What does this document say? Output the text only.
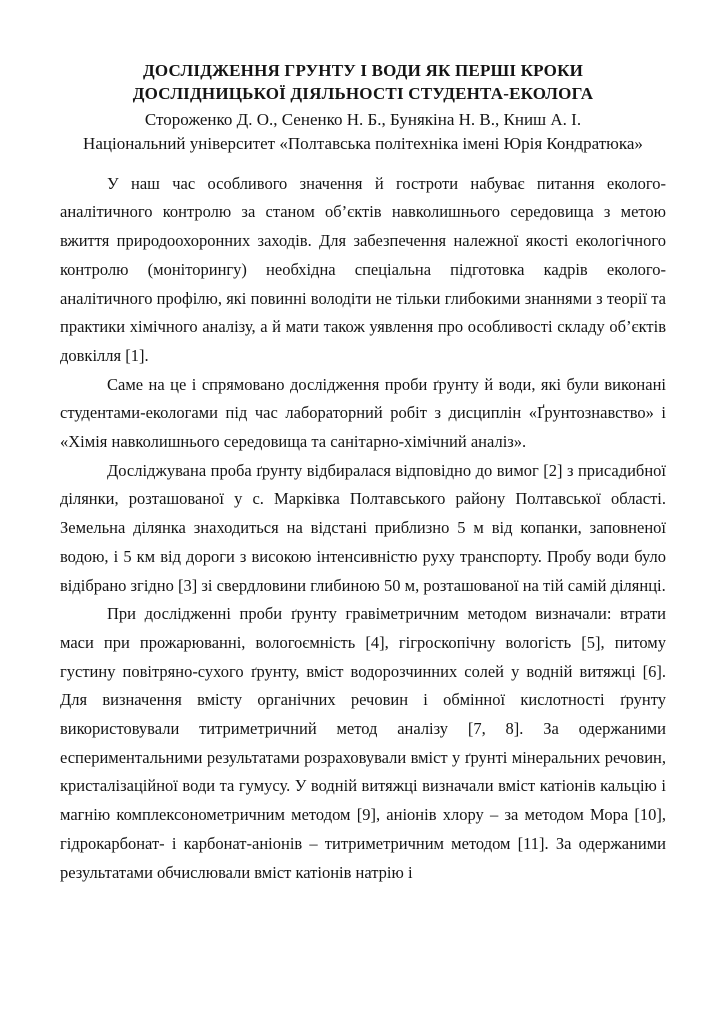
ДОСЛІДЖЕННЯ ГРУНТУ І ВОДИ ЯК ПЕРШІ КРОКИ
ДОСЛІДНИЦЬКОЇ ДІЯЛЬНОСТІ СТУДЕНТА-ЕКОЛОГА
Стороженко Д. О., Сененко Н. Б., Бунякіна Н. В., Книш А. І.
Національний університет «Полтавська політехніка імені Юрія Кондратюка»

У наш час особливого значення й гостроти набуває питання еколого-аналітичного контролю за станом об’єктів навколишнього середовища з метою вжиття природоохоронних заходів. Для забезпечення належної якості екологічного контролю (моніторингу) необхідна спеціальна підготовка кадрів еколого-аналітичного профілю, які повинні володіти не тільки глибокими знаннями з теорії та практики хімічного аналізу, а й мати також уявлення про особливості складу об’єктів довкілля [1].

Саме на це і спрямовано дослідження проби ґрунту й води, які були виконані студентами-екологами під час лабораторний робіт з дисциплін «Ґрунтознавство» і «Хімія навколишнього середовища та санітарно-хімічний аналіз».

Досліджувана проба ґрунту відбиралася відповідно до вимог [2] з присадибної ділянки, розташованої у с. Марківка Полтавського району Полтавської області. Земельна ділянка знаходиться на відстані приблизно 5 м від копанки, заповненої водою, і 5 км від дороги з високою інтенсивністю руху транспорту. Пробу води було відібрано згідно [3] зі свердловини глибиною 50 м, розташованої на тій самій ділянці.

При дослідженні проби ґрунту гравіметричним методом визначали: втрати маси при прожарюванні, вологоємність [4], гігроскопічну вологість [5], питому густину повітряно-сухого ґрунту, вміст водорозчинних солей у водній витяжці [6]. Для визначення вмісту органічних речовин і обмінної кислотності ґрунту використовували титриметричний метод аналізу [7, 8]. За одержаними еспериментальними результатами розраховували вміст у ґрунті мінеральних речовин, кристалізаційної води та гумусу. У водній витяжці визначали вміст катіонів кальцію і магнію комплексонометричним методом [9], аніонів хлору – за методом Мора [10], гідрокарбонат- і карбонат-аніонів – титриметричним методом [11]. За одержаними результатами обчислювали вміст катіонів натрію і
